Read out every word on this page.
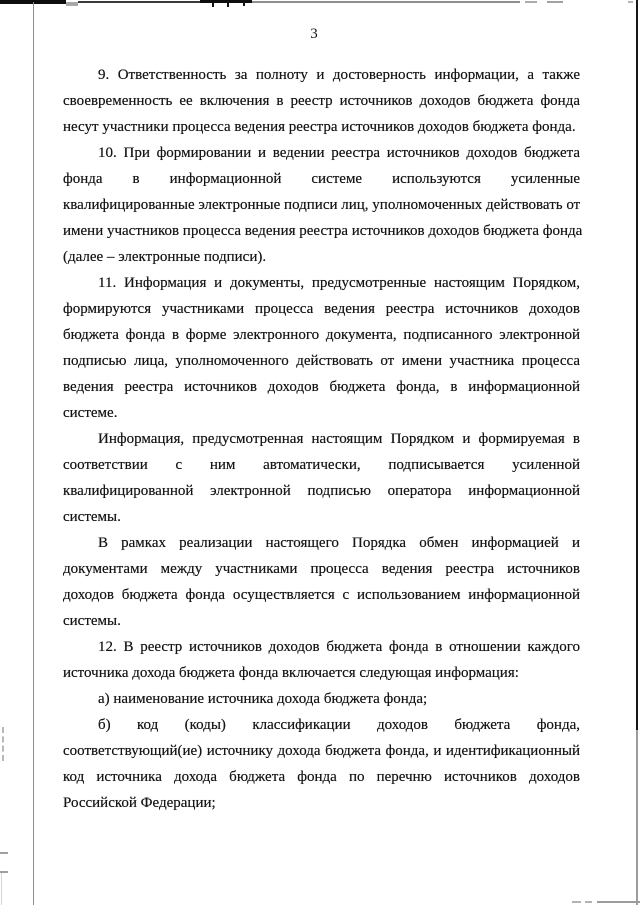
3
9. Ответственность за полноту и достоверность информации, а также
своевременность ее включения в реестр источников доходов бюджета фонда
несут участники процесса ведения реестра источников доходов бюджета фонда.
10. При формировании и ведении реестра источников доходов бюджета
фонда в информационной системе используются усиленные
квалифицированные электронные подписи лиц, уполномоченных действовать от
имени участников процесса ведения реестра источников доходов бюджета фонда
(далее – электронные подписи).
11. Информация и документы, предусмотренные настоящим Порядком,
формируются участниками процесса ведения реестра источников доходов
бюджета фонда в форме электронного документа, подписанного электронной
подписью лица, уполномоченного действовать от имени участника процесса
ведения реестра источников доходов бюджета фонда, в информационной
системе.
Информация, предусмотренная настоящим Порядком и формируемая в
соответствии с ним автоматически, подписывается усиленной
квалифицированной электронной подписью оператора информационной
системы.
В рамках реализации настоящего Порядка обмен информацией и
документами между участниками процесса ведения реестра источников
доходов бюджета фонда осуществляется с использованием информационной
системы.
12. В реестр источников доходов бюджета фонда в отношении каждого
источника дохода бюджета фонда включается следующая информация:
а) наименование источника дохода бюджета фонда;
б) код (коды) классификации доходов бюджета фонда,
соответствующий(ие) источнику дохода бюджета фонда, и идентификационный
код источника дохода бюджета фонда по перечню источников доходов
Российской Федерации;
